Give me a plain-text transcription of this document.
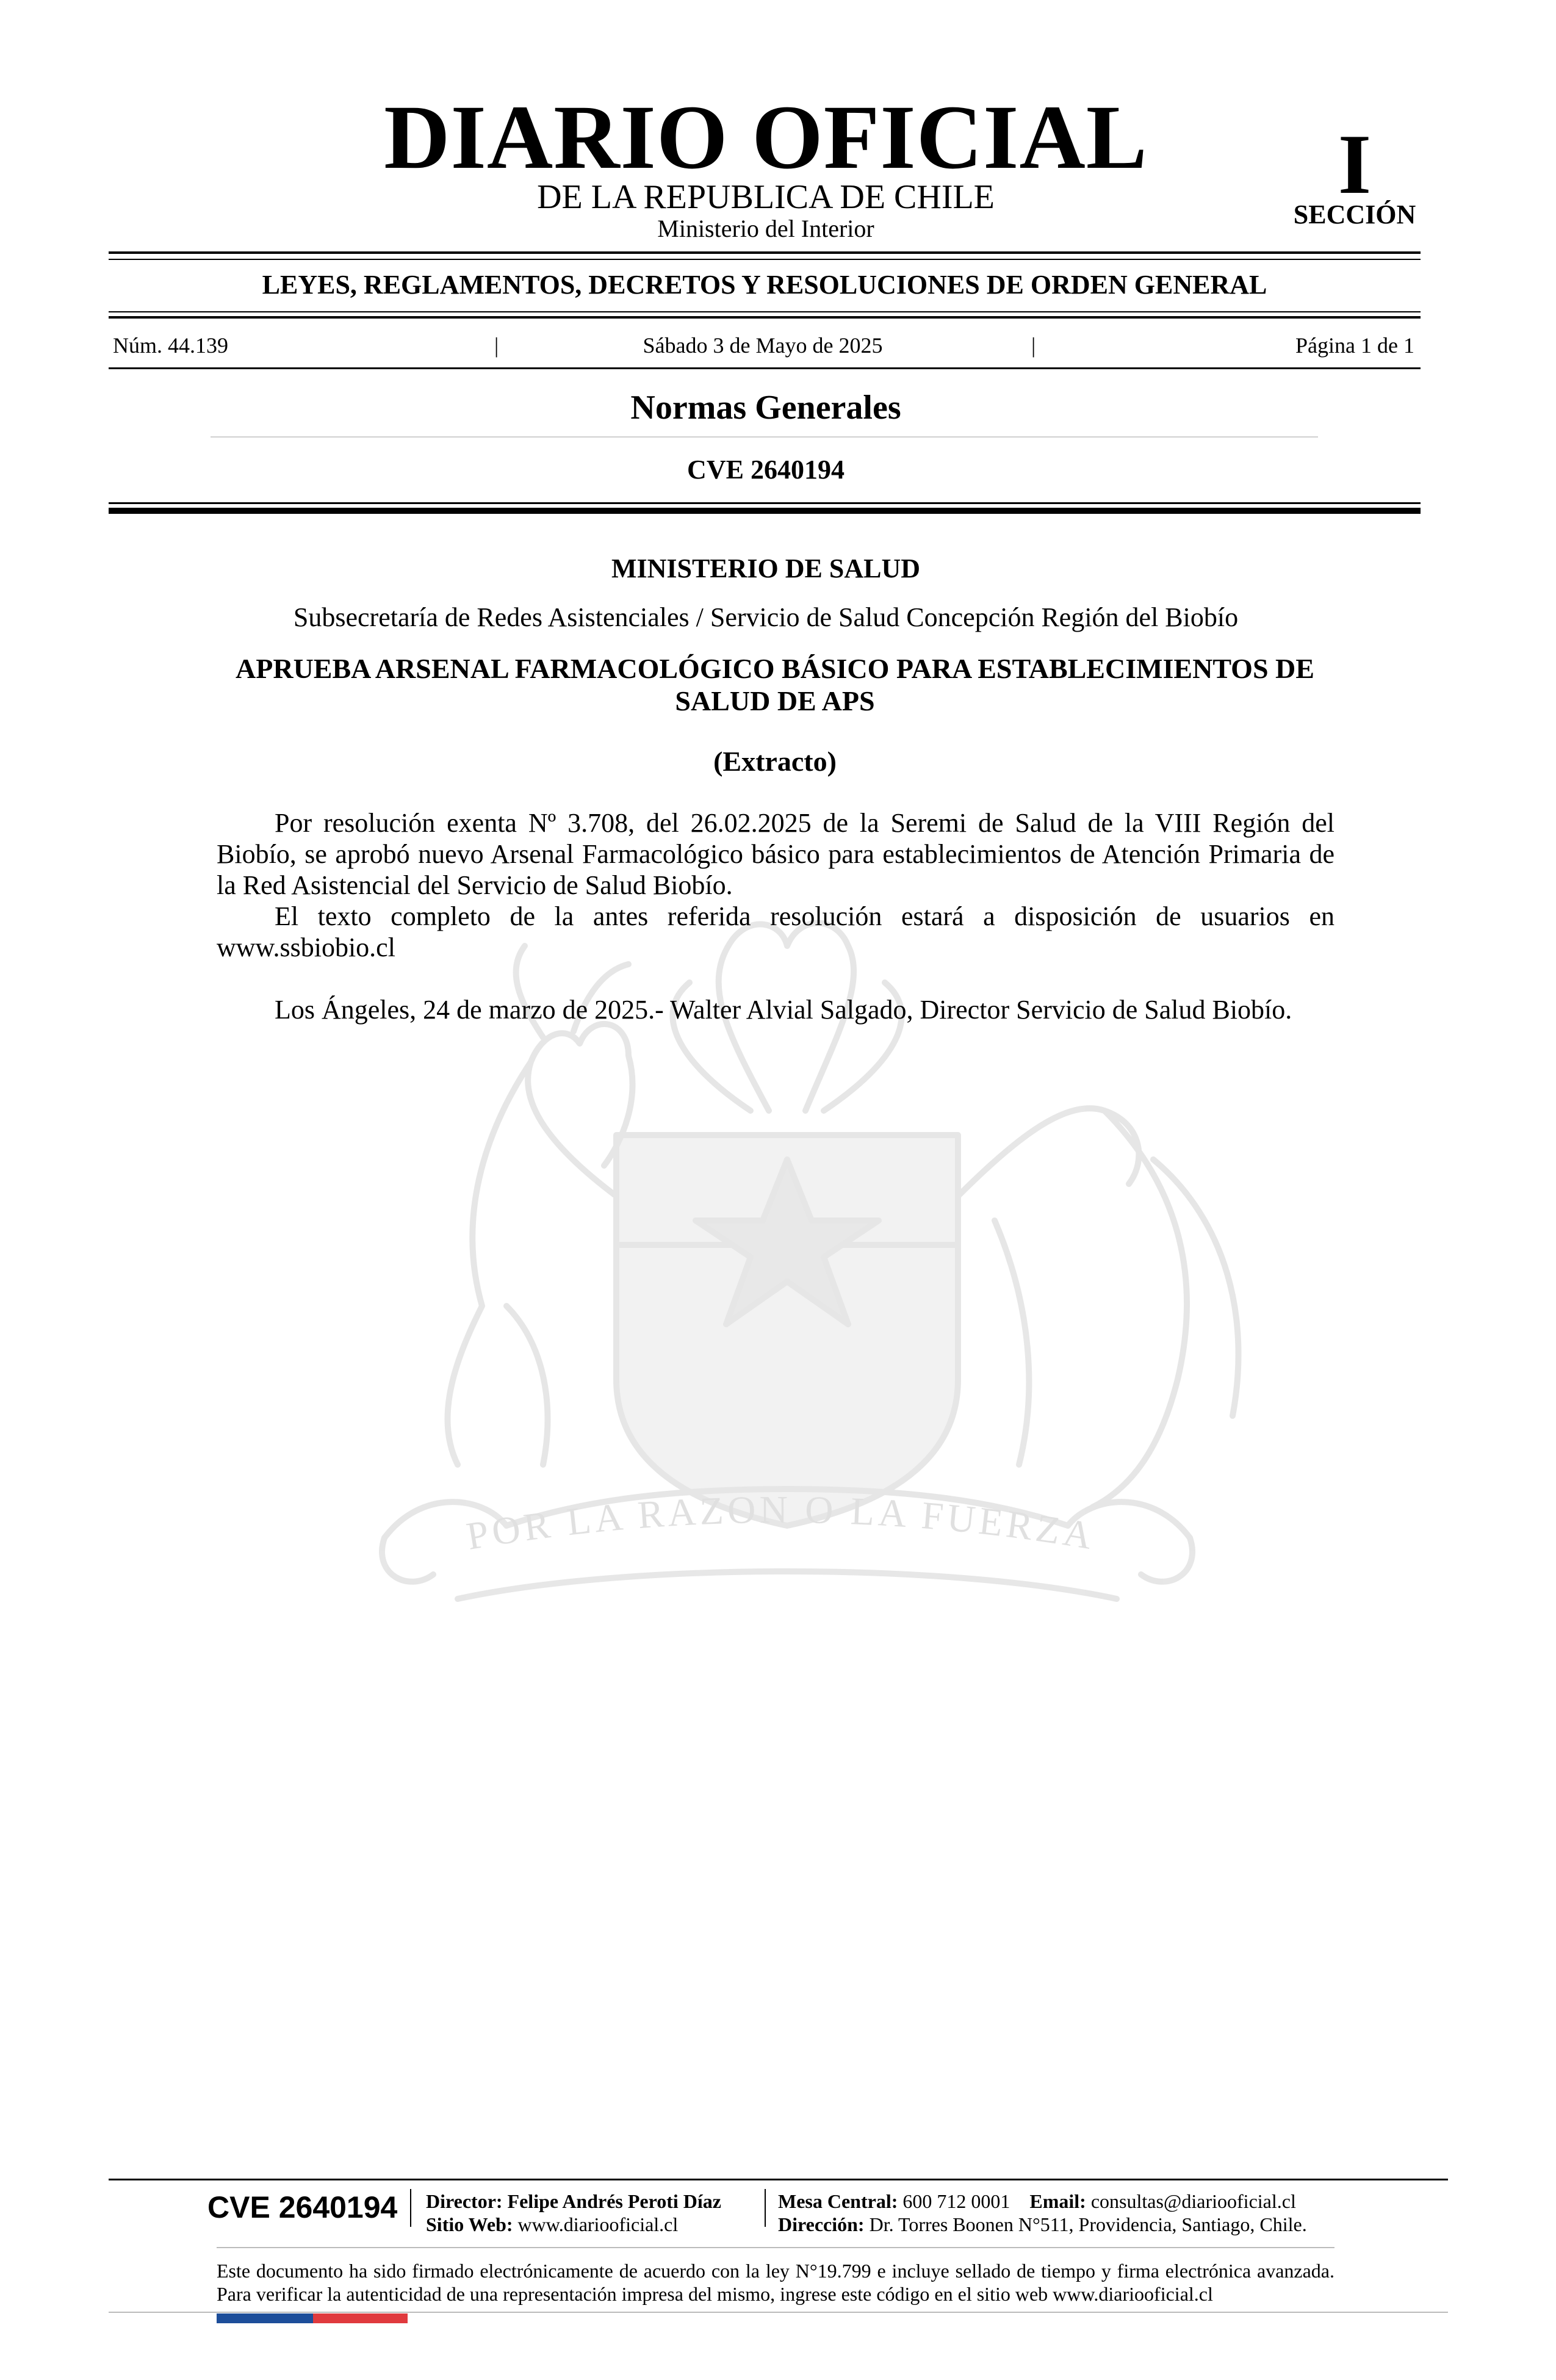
POR LA RAZON O LA FUERZA
DIARIO OFICIAL
DE LA REPUBLICA DE CHILE
Ministerio del Interior
I
SECCIÓN
LEYES, REGLAMENTOS, DECRETOS Y RESOLUCIONES DE ORDEN GENERAL
Núm. 44.139	|	Sábado 3 de Mayo de 2025	|	Página 1 de 1
Normas Generales
CVE 2640194
MINISTERIO DE SALUD
Subsecretaría de Redes Asistenciales / Servicio de Salud Concepción Región del Biobío
APRUEBA ARSENAL FARMACOLÓGICO BÁSICO PARA ESTABLECIMIENTOS DE SALUD DE APS
(Extracto)

Por resolución exenta Nº 3.708, del 26.02.2025 de la Seremi de Salud de la VIII Región del Biobío, se aprobó nuevo Arsenal Farmacológico básico para establecimientos de Atención Primaria de la Red Asistencial del Servicio de Salud Biobío.

El texto completo de la antes referida resolución estará a disposición de usuarios en www.ssbiobio.cl

Los Ángeles, 24 de marzo de 2025.- Walter Alvial Salgado, Director Servicio de Salud Biobío.

CVE 2640194 Director: Felipe Andrés Peroti Díaz
Sitio Web: www.diariooficial.cl
Mesa Central: 600 712 0001 Email: consultas@diariooficial.cl
Dirección: Dr. Torres Boonen N°511, Providencia, Santiago, Chile.

Este documento ha sido firmado electrónicamente de acuerdo con la ley N°19.799 e incluye sellado de tiempo y firma electrónica avanzada. Para verificar la autenticidad de una representación impresa del mismo, ingrese este código en el sitio web www.diariooficial.cl
